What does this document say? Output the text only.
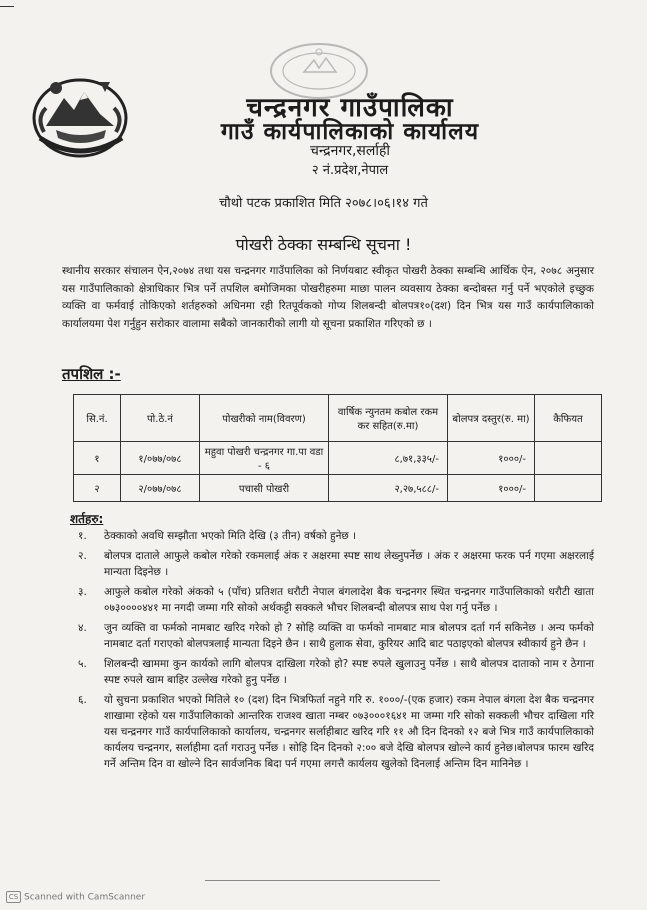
चन्द्रनगर गाउँपालिका
गाउँ कार्यपालिकाको कार्यालय
चन्द्रनगर,सर्लाही
२ नं.प्रदेश,नेपाल
चौथो पटक प्रकाशित मिति २०७८।०६।१४ गते
पोखरी ठेक्का सम्बन्धि सूचना !

स्थानीय सरकार संचालन ऐन,२०७४ तथा यस चन्द्रनगर गाउँपालिका को निर्णयबाट स्वीकृत पोखरी ठेक्का सम्बन्धि आर्थिक ऐन, २०७८ अनुसार यस गाउँपालिकाको क्षेत्राधिकार भित्र पर्ने तपशिल बमोजिमका पोखरीहरुमा माछा पालन व्यवसाय ठेक्का बन्दोबस्त गर्नु पर्ने भएकोले इच्छुक व्यक्ति वा फर्मवाई तोकिएको शर्तहरुको अधिनमा रही रितपूर्वकको गोप्य शिलबन्दी बोलपत्र१०(दश) दिन भित्र यस गाउँ कार्यपालिकाको कार्यालयमा पेश गर्नुहुन सरोकार वालामा सबैको जानकारीको लागी यो सूचना प्रकाशित गरिएको छ ।

तपशिल :-
सि.नं.	पो.ठे.नं	पोखरीको नाम(विवरण)	वार्षिक न्युनतम कबोल रकम कर सहित(रु.मा)	बोलपत्र दस्तुर(रु. मा)	कैफियत
१	१/०७७/०७८	महुवा पोखरी चन्द्रनगर गा.पा वडा - ६	८,७१,३३५/-	१०००/-	
२	२/०७७/०७८	पचासी पोखरी	२,२७,५८८/-	१०००/-	
शर्तहरु:
१. ठेक्काको अवधि सम्झौता भएको मिति देखि (३ तीन) वर्षको हुनेछ ।
२. बोलपत्र दाताले आफुले कबोल गरेको रकमलाई अंक र अक्षरमा स्पष्ट साथ लेख्नुपर्नेछ । अंक र अक्षरमा फरक पर्न गएमा अक्षरलाई मान्यता दिइनेछ ।
३. आफुले कबोल गरेको अंकको ५ (पाँच) प्रतिशत धरौटी नेपाल बंगलादेश बैक चन्द्रनगर स्थित चन्द्रनगर गाउँपालिकाको धरौटी खाता ०७३००००४४१ मा नगदी जम्मा गरि सोको अर्थकट्टी सक्कले भौचर शिलबन्दी बोलपत्र साथ पेश गर्नु पर्नेछ ।
४. जुन व्यक्ति वा फर्मको नामबाट खरिद गरेको हो ? सोहि व्यक्ति वा फर्मको नामबाट मात्र बोलपत्र दर्ता गर्न सकिनेछ । अन्य फर्मको नामबाट दर्ता गराएको बोलपत्रलाई मान्यता दिइने छैन । साथै हुलाक सेवा, कुरियर आदि बाट पठाइएको बोलपत्र स्वीकार्य हुने छैन ।
५. शिलबन्दी खाममा कुन कार्यको लागि बोलपत्र दाखिला गरेको हो? स्पष्ट रुपले खुलाउनु पर्नेछ । साथै बोलपत्र दाताको नाम र ठेगाना स्पष्ट रुपले खाम बाहिर उल्लेख गरेको हुनु पर्नेछ ।
६. यो सुचना प्रकाशित भएको मितिले १० (दश) दिन भित्रफिर्ता नहुने गरि रु. १०००/-(एक हजार) रकम नेपाल बंगला देश बैक चन्द्रनगर शाखामा रहेको यस गाउँपालिकाको आन्तरिक राजश्व खाता नम्बर ०७३०००१६४१ मा जम्मा गरि सोको सक्कली भौचर दाखिला गरि यस चन्द्रनगर गाउँ कार्यपालिकाको कार्यालय, चन्द्रनगर सर्लाहीबाट खरिद गरि ११ औ दिन दिनको १२ बजे भित्र गाउँ कार्यपालिकाको कार्यलय चन्द्रनगर, सर्लाहीमा दर्ता गराउनु पर्नेछ । सोहि दिन दिनको २:०० बजे देखि बोलपत्र खोल्ने कार्य हुनेछ।बोलपत्र फारम खरिद गर्ने अन्तिम दिन वा खोल्ने दिन सार्वजनिक बिदा पर्न गएमा लगत्तै कार्यलय खुलेको दिनलाई अन्तिम दिन मानिनेछ ।
CS Scanned with CamScanner
